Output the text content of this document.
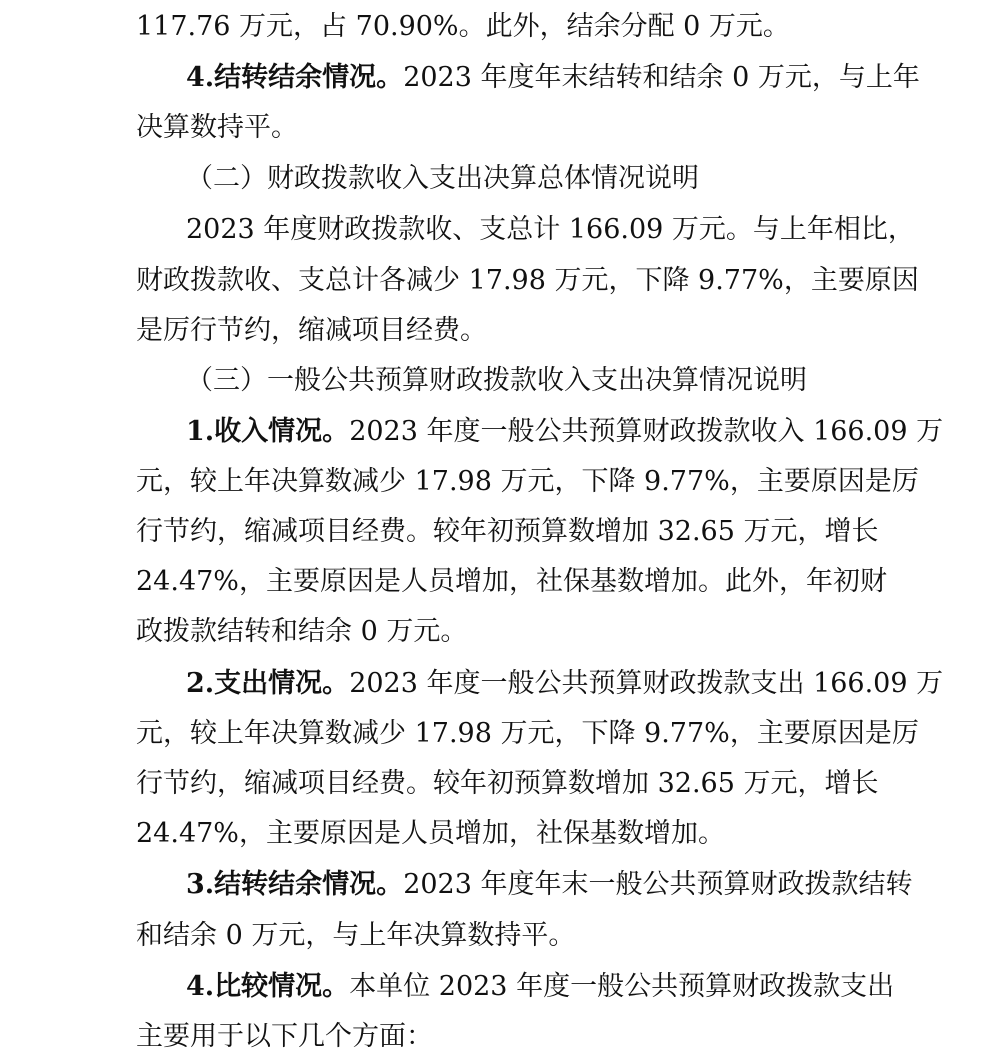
117.76 万元，占 70.90%。此外，结余分配 0 万元。
4.结转结余情况。2023 年度年末结转和结余 0 万元，与上年
决算数持平。
（二）财政拨款收入支出决算总体情况说明
2023 年度财政拨款收、支总计 166.09 万元。与上年相比，
财政拨款收、支总计各减少 17.98 万元，下降 9.77%，主要原因
是厉行节约，缩减项目经费。
（三）一般公共预算财政拨款收入支出决算情况说明
1.收入情况。2023 年度一般公共预算财政拨款收入 166.09 万
元，较上年决算数减少 17.98 万元，下降 9.77%，主要原因是厉
行节约，缩减项目经费。较年初预算数增加 32.65 万元，增长
24.47%，主要原因是人员增加，社保基数增加。此外，年初财
政拨款结转和结余 0 万元。
2.支出情况。2023 年度一般公共预算财政拨款支出 166.09 万
元，较上年决算数减少 17.98 万元，下降 9.77%，主要原因是厉
行节约，缩减项目经费。较年初预算数增加 32.65 万元，增长
24.47%，主要原因是人员增加，社保基数增加。
3.结转结余情况。2023 年度年末一般公共预算财政拨款结转
和结余 0 万元，与上年决算数持平。
4.比较情况。本单位 2023 年度一般公共预算财政拨款支出
主要用于以下几个方面：
